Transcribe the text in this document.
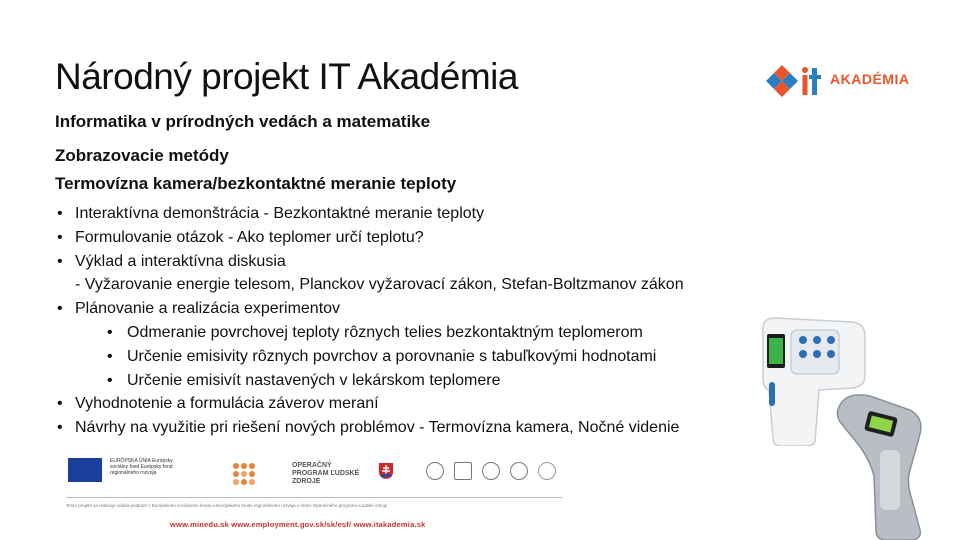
Národný projekt IT Akadémia
Informatika v prírodných vedách a matematike
Zobrazovacie metódy
Termovízna kamera/bezkontaktné meranie teploty
• Interaktívna demonštrácia - Bezkontaktné meranie teploty
• Formulovanie otázok - Ako teplomer určí teplotu?
• Výklad a interaktívna diskusia
- Vyžarovanie energie telesom, Planckov vyžarovací zákon, Stefan-Boltzmanov zákon
• Plánovanie a realizácia experimentov
• Odmeranie povrchovej teploty rôznych telies bezkontaktným teplomerom
• Určenie emisivity rôznych povrchov a porovnanie s tabuľkovými hodnotami
• Určenie emisivít nastavených v lekárskom teplomere
• Vyhodnotenie a formulácia záverov meraní
• Návrhy na využitie pri riešení nových problémov - Termovízna kamera, Nočné videnie
AKADÉMIA
EURÓPSKA ÚNIA Európsky sociálny fond Európsky fond regionálneho rozvoja
OPERAČNÝ PROGRAM ĽUDSKÉ ZDROJE
Tento projekt sa realizuje vďaka podpore z Európskeho sociálneho fondu a Európskeho fondu regionálneho rozvoja v rámci Operačného programu Ľudské zdroje
www.minedu.sk www.employment.gov.sk/sk/esf/ www.itakademia.sk
